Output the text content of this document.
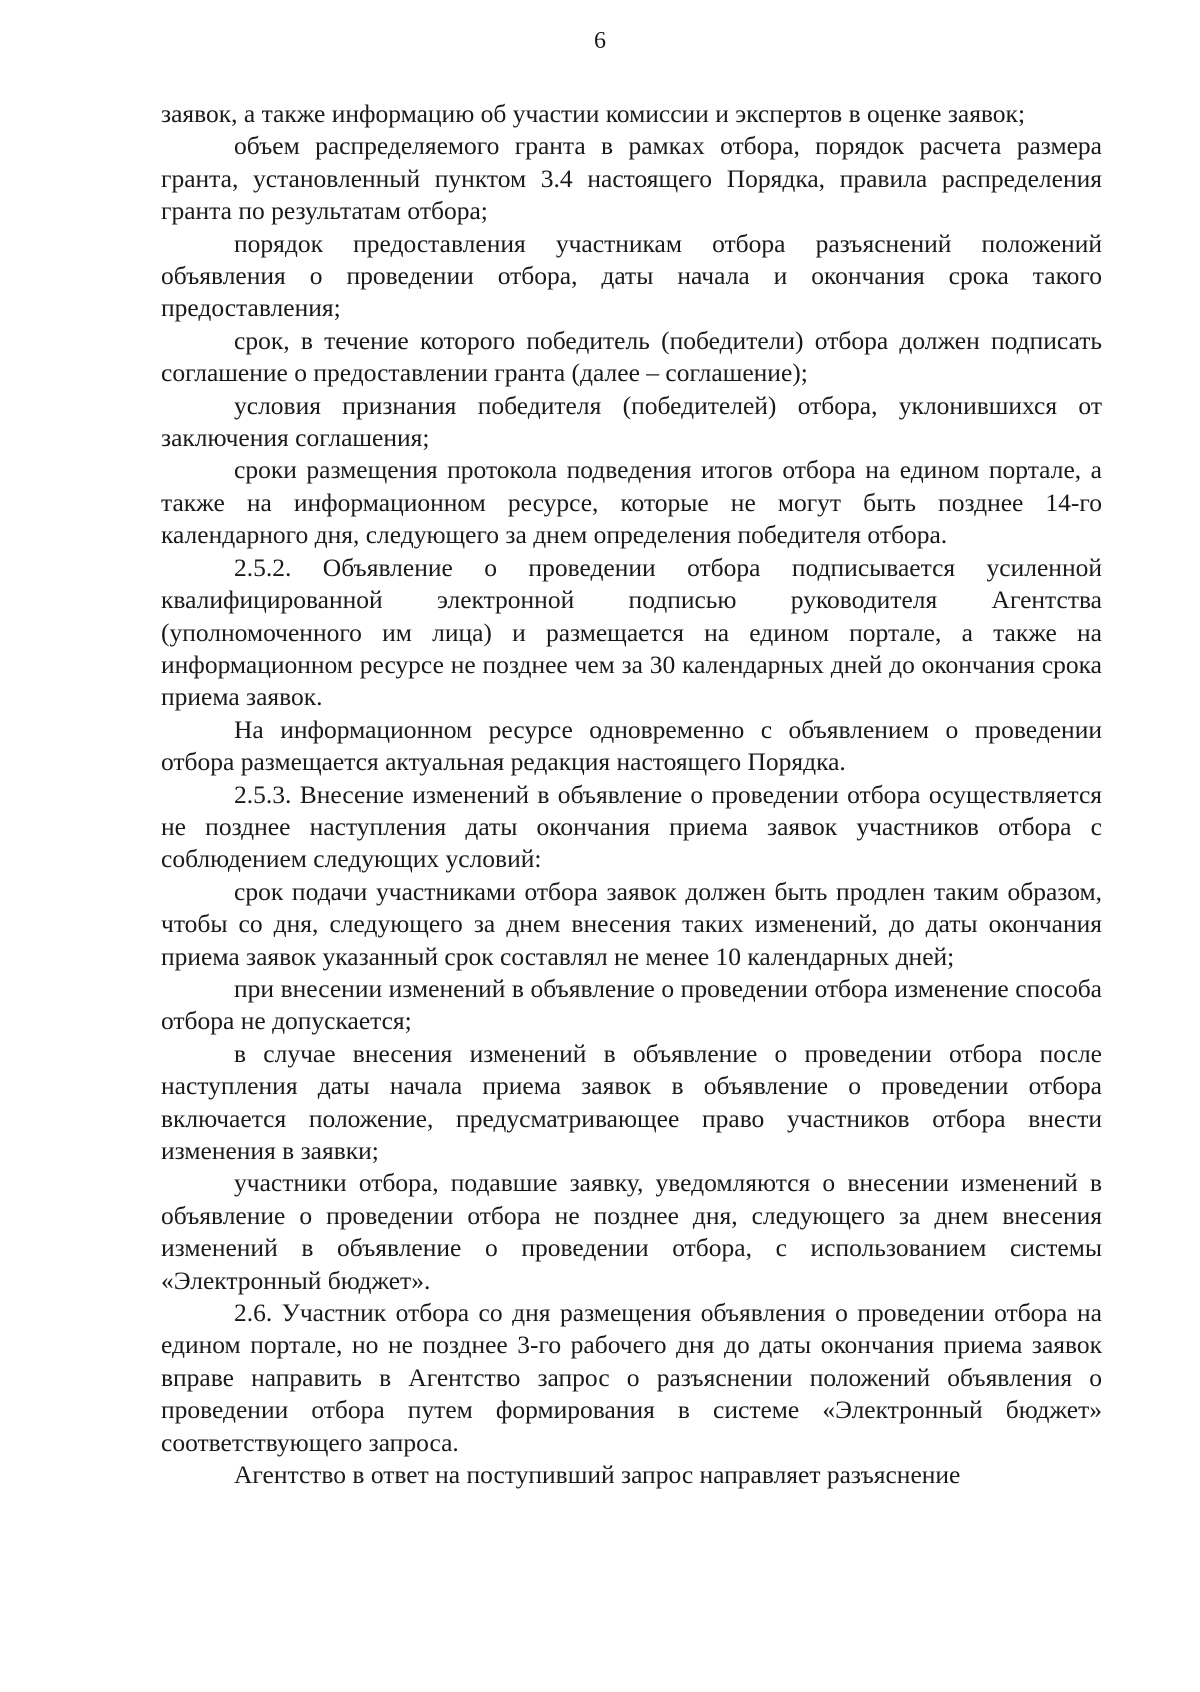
6

заявок, а также информацию об участии комиссии и экспертов в оценке заявок;

объем распределяемого гранта в рамках отбора, порядок расчета размера гранта, установленный пунктом 3.4 настоящего Порядка, правила распределения гранта по результатам отбора;

порядок предоставления участникам отбора разъяснений положений объявления о проведении отбора, даты начала и окончания срока такого предоставления;

срок, в течение которого победитель (победители) отбора должен подписать соглашение о предоставлении гранта (далее – соглашение);

условия признания победителя (победителей) отбора, уклонившихся от заключения соглашения;

сроки размещения протокола подведения итогов отбора на едином портале, а также на информационном ресурсе, которые не могут быть позднее 14-го календарного дня, следующего за днем определения победителя отбора.

2.5.2. Объявление о проведении отбора подписывается усиленной квалифицированной электронной подписью руководителя Агентства (уполномоченного им лица) и размещается на едином портале, а также на информационном ресурсе не позднее чем за 30 календарных дней до окончания срока приема заявок.

На информационном ресурсе одновременно с объявлением о проведении отбора размещается актуальная редакция настоящего Порядка.

2.5.3. Внесение изменений в объявление о проведении отбора осуществляется не позднее наступления даты окончания приема заявок участников отбора с соблюдением следующих условий:

срок подачи участниками отбора заявок должен быть продлен таким образом, чтобы со дня, следующего за днем внесения таких изменений, до даты окончания приема заявок указанный срок составлял не менее 10 календарных дней;

при внесении изменений в объявление о проведении отбора изменение способа отбора не допускается;

в случае внесения изменений в объявление о проведении отбора после наступления даты начала приема заявок в объявление о проведении отбора включается положение, предусматривающее право участников отбора внести изменения в заявки;

участники отбора, подавшие заявку, уведомляются о внесении изменений в объявление о проведении отбора не позднее дня, следующего за днем внесения изменений в объявление о проведении отбора, с использованием системы «Электронный бюджет».

2.6. Участник отбора со дня размещения объявления о проведении отбора на едином портале, но не позднее 3-го рабочего дня до даты окончания приема заявок вправе направить в Агентство запрос о разъяснении положений объявления о проведении отбора путем формирования в системе «Электронный бюджет» соответствующего запроса.

Агентство в ответ на поступивший запрос направляет разъяснение
